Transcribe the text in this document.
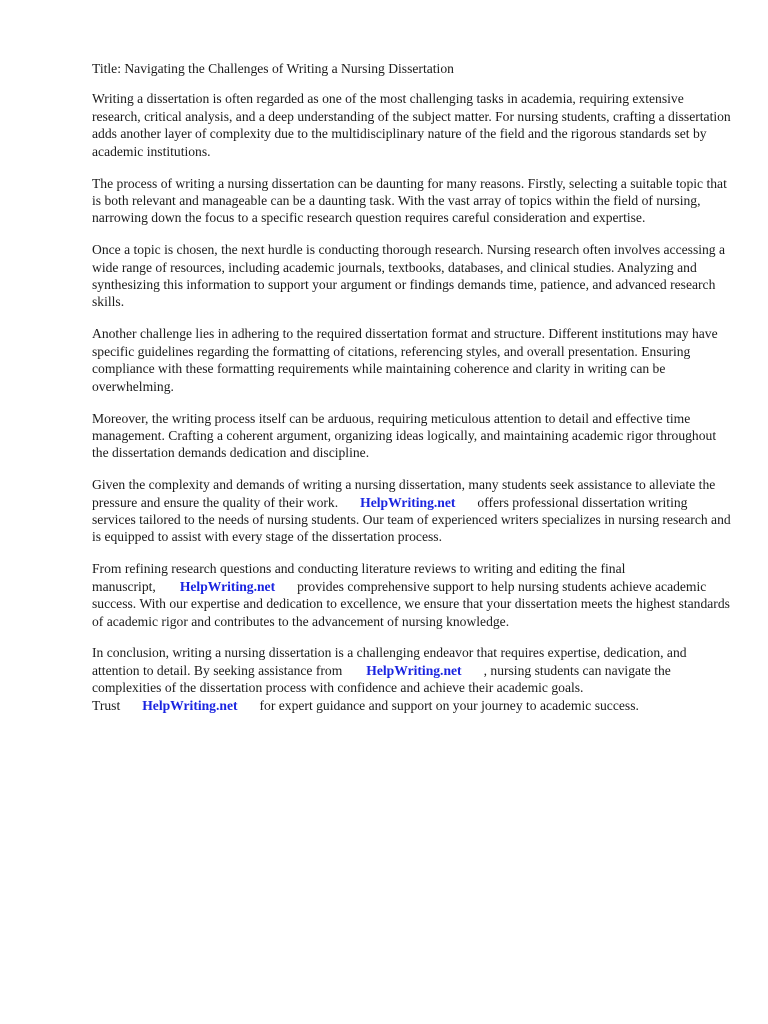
Title: Navigating the Challenges of Writing a Nursing Dissertation

Writing a dissertation is often regarded as one of the most challenging tasks in academia, requiring extensive research, critical analysis, and a deep understanding of the subject matter. For nursing students, crafting a dissertation adds another layer of complexity due to the multidisciplinary nature of the field and the rigorous standards set by academic institutions.

The process of writing a nursing dissertation can be daunting for many reasons. Firstly, selecting a suitable topic that is both relevant and manageable can be a daunting task. With the vast array of topics within the field of nursing, narrowing down the focus to a specific research question requires careful consideration and expertise.

Once a topic is chosen, the next hurdle is conducting thorough research. Nursing research often involves accessing a wide range of resources, including academic journals, textbooks, databases, and clinical studies. Analyzing and synthesizing this information to support your argument or findings demands time, patience, and advanced research skills.

Another challenge lies in adhering to the required dissertation format and structure. Different institutions may have specific guidelines regarding the formatting of citations, referencing styles, and overall presentation. Ensuring compliance with these formatting requirements while maintaining coherence and clarity in writing can be overwhelming.

Moreover, the writing process itself can be arduous, requiring meticulous attention to detail and effective time management. Crafting a coherent argument, organizing ideas logically, and maintaining academic rigor throughout the dissertation demands dedication and discipline.

Given the complexity and demands of writing a nursing dissertation, many students seek assistance to alleviate the pressure and ensure the quality of their work. HelpWriting.net offers professional dissertation writing services tailored to the needs of nursing students. Our team of experienced writers specializes in nursing research and is equipped to assist with every stage of the dissertation process.

From refining research questions and conducting literature reviews to writing and editing the final manuscript, HelpWriting.net provides comprehensive support to help nursing students achieve academic success. With our expertise and dedication to excellence, we ensure that your dissertation meets the highest standards of academic rigor and contributes to the advancement of nursing knowledge.

In conclusion, writing a nursing dissertation is a challenging endeavor that requires expertise, dedication, and attention to detail. By seeking assistance from HelpWriting.net , nursing students can navigate the complexities of the dissertation process with confidence and achieve their academic goals. Trust HelpWriting.net for expert guidance and support on your journey to academic success.
